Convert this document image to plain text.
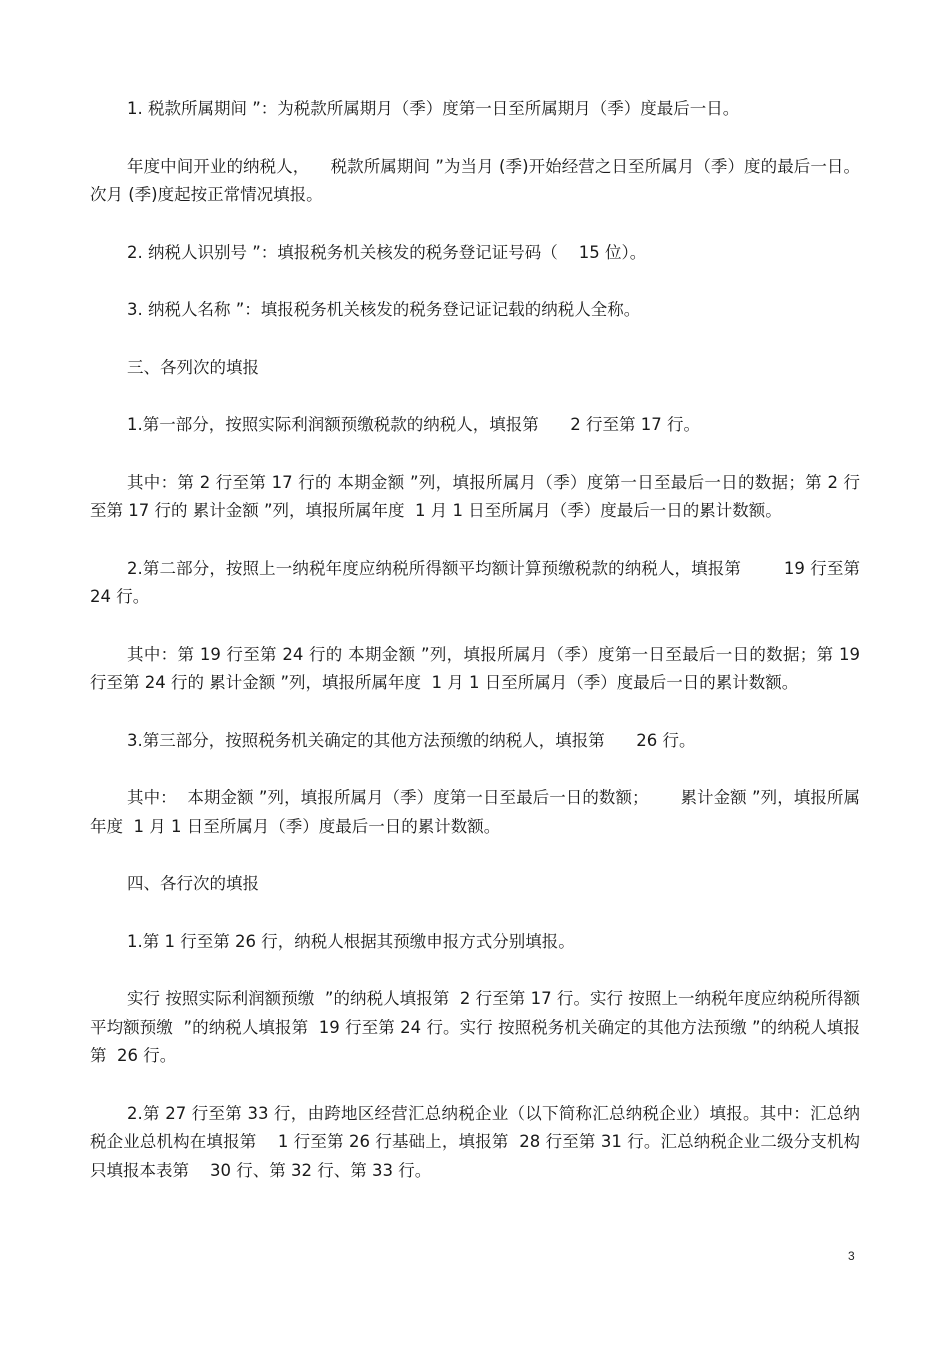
1. 税款所属期间 ”：为税款所属期月（季）度第一日至所属期月（季）度最后一日。

年度中间开业的纳税人，    税款所属期间 ”为当月 (季)开始经营之日至所属月（季）度的最后一日。次月 (季)度起按正常情况填报。

2. 纳税人识别号 ”：填报税务机关核发的税务登记证号码（    15 位）。

3. 纳税人名称 ”：填报税务机关核发的税务登记证记载的纳税人全称。

三、各列次的填报

1.第一部分，按照实际利润额预缴税款的纳税人，填报第      2 行至第 17 行。

其中：第 2 行至第 17 行的 本期金额 ”列，填报所属月（季）度第一日至最后一日的数据；第 2 行至第 17 行的 累计金额 ”列，填报所属年度  1 月 1 日至所属月（季）度最后一日的累计数额。

2.第二部分，按照上一纳税年度应纳税所得额平均额计算预缴税款的纳税人，填报第        19 行至第 24 行。

其中：第 19 行至第 24 行的 本期金额 ”列，填报所属月（季）度第一日至最后一日的数据；第 19 行至第 24 行的 累计金额 ”列，填报所属年度  1 月 1 日至所属月（季）度最后一日的累计数额。

3.第三部分，按照税务机关确定的其他方法预缴的纳税人，填报第      26 行。

其中：  本期金额 ”列，填报所属月（季）度第一日至最后一日的数额；      累计金额 ”列，填报所属年度  1 月 1 日至所属月（季）度最后一日的累计数额。

四、各行次的填报

1.第 1 行至第 26 行，纳税人根据其预缴申报方式分别填报。

实行 按照实际利润额预缴  ”的纳税人填报第  2 行至第 17 行。实行 按照上一纳税年度应纳税所得额平均额预缴  ”的纳税人填报第  19 行至第 24 行。实行 按照税务机关确定的其他方法预缴 ”的纳税人填报第  26 行。

2.第 27 行至第 33 行，由跨地区经营汇总纳税企业（以下简称汇总纳税企业）填报。其中：汇总纳税企业总机构在填报第    1 行至第 26 行基础上，填报第  28 行至第 31 行。汇总纳税企业二级分支机构只填报本表第    30 行、第 32 行、第 33 行。

3
